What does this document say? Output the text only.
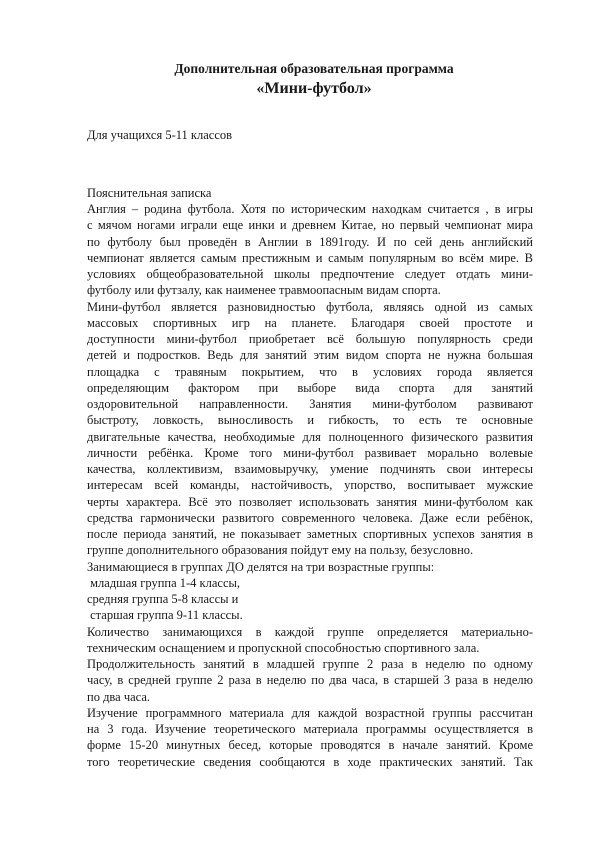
Дополнительная образовательная программа

«Мини-футбол»

Для учащихся 5-11 классов

Пояснительная записка

Англия – родина футбола. Хотя по историческим находкам считается , в игры
с мячом ногами играли еще инки и древнем Китае, но первый чемпионат мира
по футболу был проведён в Англии в 1891году. И по сей день английский
чемпионат является самым престижным и самым популярным во всём мире. В
условиях общеобразовательной школы предпочтение следует отдать мини-
футболу или футзалу, как наименее травмоопасным видам спорта.
Мини-футбол является разновидностью футбола, являясь одной из самых
массовых спортивных игр на планете. Благодаря своей простоте и
доступности мини-футбол приобретает всё большую популярность среди
детей и подростков. Ведь для занятий этим видом спорта не нужна большая
площадка с травяным покрытием, что в условиях города является
определяющим фактором при выборе вида спорта для занятий
оздоровительной направленности. Занятия мини-футболом развивают
быстроту, ловкость, выносливость и гибкость, то есть те основные
двигательные качества, необходимые для полноценного физического развития
личности ребёнка. Кроме того мини-футбол развивает морально волевые
качества, коллективизм, взаимовыручку, умение подчинять свои интересы
интересам всей команды, настойчивость, упорство, воспитывает мужские
черты характера. Всё это позволяет использовать занятия мини-футболом как
средства гармонически развитого современного человека. Даже если ребёнок,
после периода занятий, не показывает заметных спортивных успехов занятия в
группе дополнительного образования пойдут ему на пользу, безусловно.
Занимающиеся в группах ДО делятся на три возрастные группы:
младшая группа 1-4 классы,
средняя группа 5-8 классы и
старшая группа 9-11 классы.
Количество занимающихся в каждой группе определяется материально-
техническим оснащением и пропускной способностью спортивного зала.
Продолжительность занятий в младшей группе 2 раза в неделю по одному
часу, в средней группе 2 раза в неделю по два часа, в старшей 3 раза в неделю
по два часа.
Изучение программного материала для каждой возрастной группы рассчитан
на 3 года. Изучение теоретического материала программы осуществляется в
форме 15-20 минутных бесед, которые проводятся в начале занятий. Кроме
того теоретические сведения сообщаются в ходе практических занятий. Так
